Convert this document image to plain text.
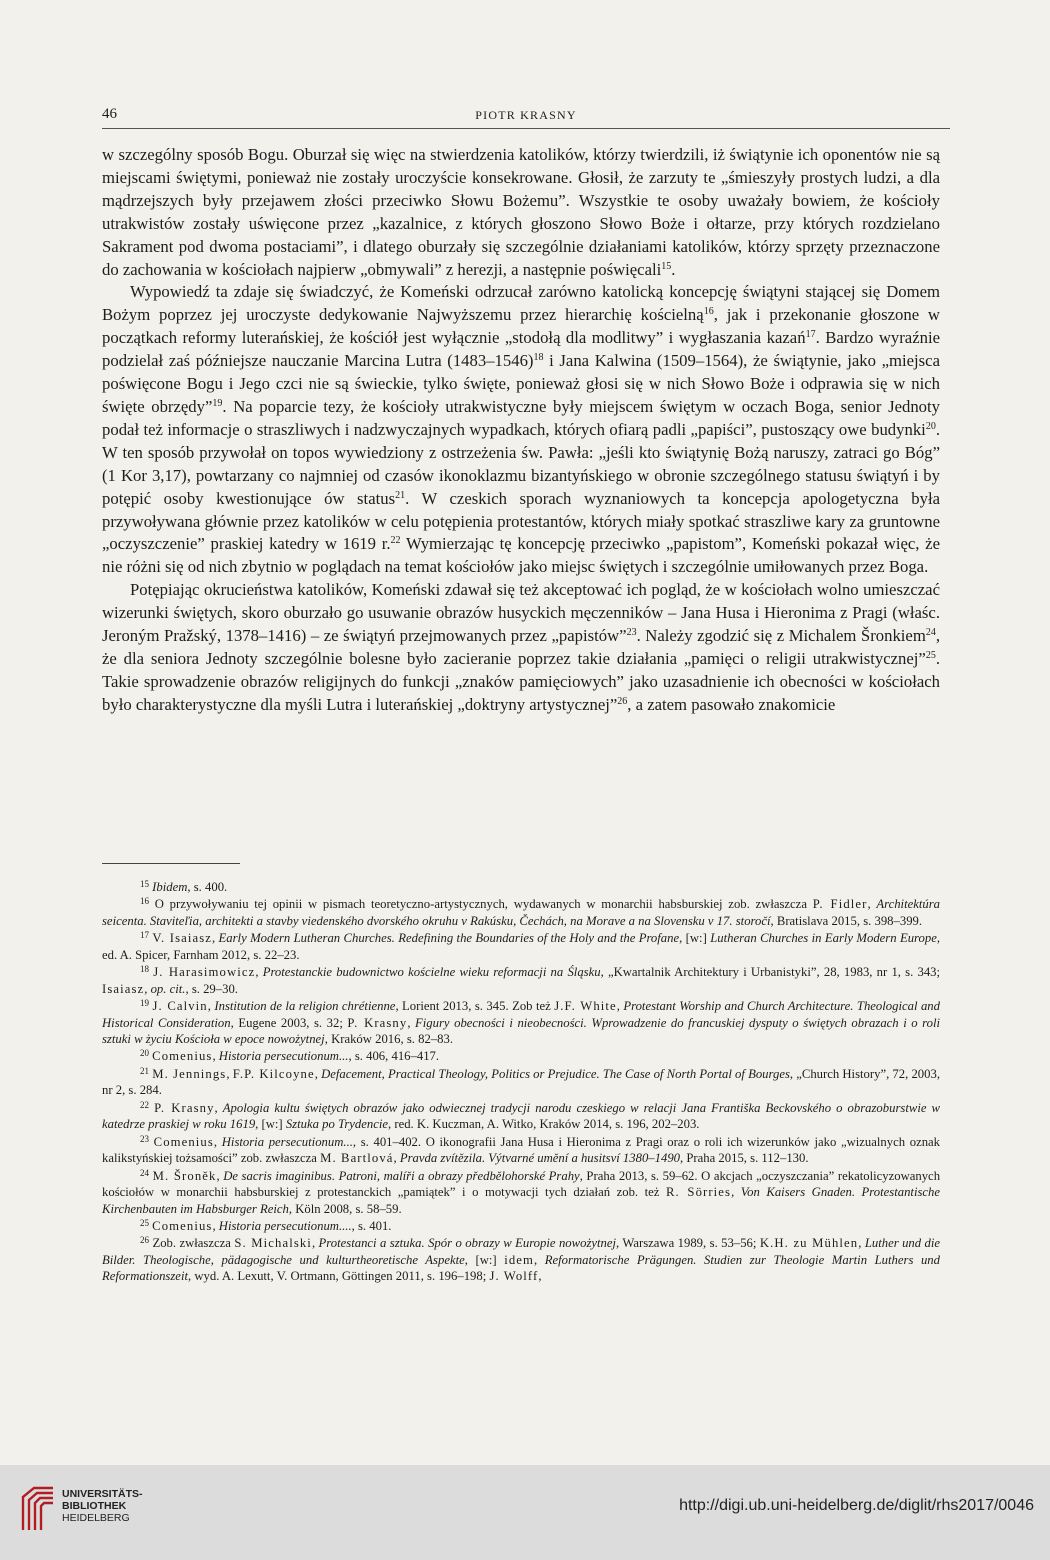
46	PIOTR KRASNY

w szczególny sposób Bogu. Oburzał się więc na stwierdzenia katolików, którzy twierdzili, iż świątynie ich oponentów nie są miejscami świętymi, ponieważ nie zostały uroczyście konsekrowane. Głosił, że zarzuty te „śmieszyły prostych ludzi, a dla mądrzejszych były przejawem złości przeciwko Słowu Bożemu”. Wszystkie te osoby uważały bowiem, że kościoły utrakwistów zostały uświęcone przez „kazalnice, z których głoszono Słowo Boże i ołtarze, przy których rozdzielano Sakrament pod dwoma postaciami”, i dlatego oburzały się szczególnie działaniami katolików, którzy sprzęty przeznaczone do zachowania w kościołach najpierw „obmywali” z herezji, a następnie poświęcali$^{15}$.

Wypowiedź ta zdaje się świadczyć, że Komeński odrzucał zarówno katolicką koncepcję świątyni stającej się Domem Bożym poprzez jej uroczyste dedykowanie Najwyższemu przez hierarchię kościelną$^{16}$, jak i przekonanie głoszone w początkach reformy luterańskiej, że kościół jest wyłącznie „stodołą dla modlitwy” i wygłaszania kazań$^{17}$. Bardzo wyraźnie podzielał zaś późniejsze nauczanie Marcina Lutra (1483–1546)$^{18}$ i Jana Kalwina (1509–1564), że świątynie, jako „miejsca poświęcone Bogu i Jego czci nie są świeckie, tylko święte, ponieważ głosi się w nich Słowo Boże i odprawia się w nich święte obrzędy”$^{19}$. Na poparcie tezy, że kościoły utrakwistyczne były miejscem świętym w oczach Boga, senior Jednoty podał też informacje o straszliwych i nadzwyczajnych wypadkach, których ofiarą padli „papiści”, pustoszący owe budynki$^{20}$. W ten sposób przywołał on topos wywiedziony z ostrzeżenia św. Pawła: „jeśli kto świątynię Bożą naruszy, zatraci go Bóg” (1 Kor 3,17), powtarzany co najmniej od czasów ikonoklazmu bizantyńskiego w obronie szczególnego statusu świątyń i by potępić osoby kwestionujące ów status$^{21}$. W czeskich sporach wyznaniowych ta koncepcja apologetyczna była przywoływana głównie przez katolików w celu potępienia protestantów, których miały spotkać straszliwe kary za gruntowne „oczyszczenie” praskiej katedry w 1619 r.$^{22}$ Wymierzając tę koncepcję przeciwko „papistom”, Komeński pokazał więc, że nie różni się od nich zbytnio w poglądach na temat kościołów jako miejsc świętych i szczególnie umiłowanych przez Boga.

Potępiając okrucieństwa katolików, Komeński zdawał się też akceptować ich pogląd, że w kościołach wolno umieszczać wizerunki świętych, skoro oburzało go usuwanie obrazów husyckich męczenników – Jana Husa i Hieronima z Pragi (właśc. Jeroným Pražský, 1378–1416) – ze świątyń przejmowanych przez „papistów”$^{23}$. Należy zgodzić się z Michalem Šronkiem$^{24}$, że dla seniora Jednoty szczególnie bolesne było zacieranie poprzez takie działania „pamięci o religii utrakwistycznej”$^{25}$. Takie sprowadzenie obrazów religijnych do funkcji „znaków pamięciowych” jako uzasadnienie ich obecności w kościołach było charakterystyczne dla myśli Lutra i luterańskiej „doktryny artystycznej”$^{26}$, a zatem pasowało znakomicie

$^{15}$ Ibidem, s. 400.

$^{16}$ O przywoływaniu tej opinii w pismach teoretyczno-artystycznych, wydawanych w monarchii habsburskiej zob. zwłaszcza P. Fidler, Architektúra seicenta. Staviteľia, architekti a stavby viedenského dvorského okruhu v Rakúsku, Čechách, na Morave a na Slovensku v 17. storočí, Bratislava 2015, s. 398–399.

$^{17}$ V. Isaiasz, Early Modern Lutheran Churches. Redefining the Boundaries of the Holy and the Profane, [w:] Lutheran Churches in Early Modern Europe, ed. A. Spicer, Farnham 2012, s. 22–23.

$^{18}$ J. Harasimowicz, Protestanckie budownictwo kościelne wieku reformacji na Śląsku, „Kwartalnik Architektury i Urbanistyki”, 28, 1983, nr 1, s. 343; Isaiasz, op. cit., s. 29–30.

$^{19}$ J. Calvin, Institution de la religion chrétienne, Lorient 2013, s. 345. Zob też J.F. White, Protestant Worship and Church Architecture. Theological and Historical Consideration, Eugene 2003, s. 32; P. Krasny, Figury obecności i nieobecności. Wprowadzenie do francuskiej dysputy o świętych obrazach i o roli sztuki w życiu Kościoła w epoce nowożytnej, Kraków 2016, s. 82–83.

$^{20}$ Comenius, Historia persecutionum..., s. 406, 416–417.

$^{21}$ M. Jennings, F.P. Kilcoyne, Defacement, Practical Theology, Politics or Prejudice. The Case of North Portal of Bourges, „Church History”, 72, 2003, nr 2, s. 284.

$^{22}$ P. Krasny, Apologia kultu świętych obrazów jako odwiecznej tradycji narodu czeskiego w relacji Jana Františka Beckovského o obrazoburstwie w katedrze praskiej w roku 1619, [w:] Sztuka po Trydencie, red. K. Kuczman, A. Witko, Kraków 2014, s. 196, 202–203.

$^{23}$ Comenius, Historia persecutionum..., s. 401–402. O ikonografii Jana Husa i Hieronima z Pragi oraz o roli ich wizerunków jako „wizualnych oznak kalikstyńskiej tożsamości” zob. zwłaszcza M. Bartlová, Pravda zvítězila. Výtvarné umění a husitsví 1380–1490, Praha 2015, s. 112–130.

$^{24}$ M. Šroněk, De sacris imaginibus. Patroni, malíři a obrazy předbělohorské Prahy, Praha 2013, s. 59–62. O akcjach „oczyszczania” rekatolicyzowanych kościołów w monarchii habsburskiej z protestanckich „pamiątek” i o motywacji tych działań zob. też R. Sörries, Von Kaisers Gnaden. Protestantische Kirchenbauten im Habsburger Reich, Köln 2008, s. 58–59.

$^{25}$ Comenius, Historia persecutionum...., s. 401.

$^{26}$ Zob. zwłaszcza S. Michalski, Protestanci a sztuka. Spór o obrazy w Europie nowożytnej, Warszawa 1989, s. 53–56; K.H. zu Mühlen, Luther und die Bilder. Theologische, pädagogische und kulturtheoretische Aspekte, [w:] idem, Reformatorische Prägungen. Studien zur Theologie Martin Luthers und Reformationszeit, wyd. A. Lexutt, V. Ortmann, Göttingen 2011, s. 196–198; J. Wolff,

UNIVERSITÄTS-
BIBLIOTHEK
HEIDELBERG
http://digi.ub.uni-heidelberg.de/diglit/rhs2017/0046
